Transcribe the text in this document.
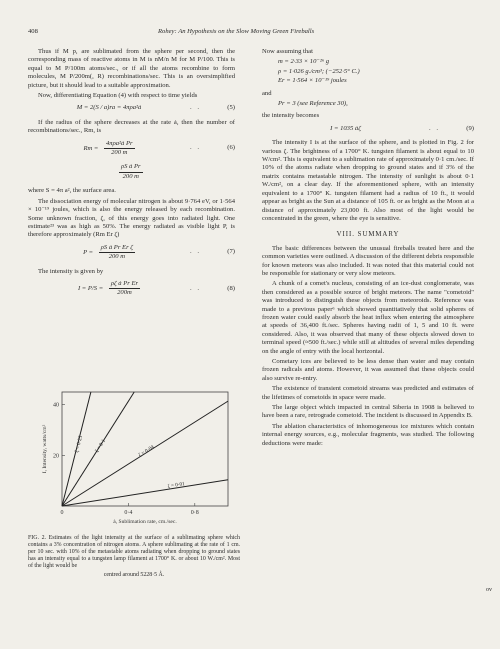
408	Rohey: An Hypothesis on the Slow Moving Green Fireballs

Thus if M p, are sublimated from the sphere per second, then the corresponding mass of reactive atoms in M is nM/n M for M P/100. This is equal to M P/100m atoms/sec., or if all the atoms recombine to form molecules, M P/200m(, R) recombinations/sec. This is an oversimplified picture, but it should lead to a suitable approximation.

Now, differentiating Equation (4) with respect to time yields

M = 2(S / a)ra = 4πρa²ȧ	. .	(5)

If the radius of the sphere decreases at the rate ȧ, then the number of recombinations/sec., Rm, is

$Rm = \frac{\text{4πρa²ȧ Pr}}{200 m}$	. .	(6)
$\frac{\text{ρS ȧ Pr}}{200 m}$

where S = 4π a², the surface area.

The dissociation energy of molecular nitrogen is about 9·764 eV, or 1·564 × 10⁻¹⁹ joules, which is also the energy released by each recombination. Some unknown fraction, ζ, of this energy goes into radiated light. One estimate²³ was as high as 50%. The energy radiated as visible light P, is therefore approximately (Rm Er ζ)

$P = \frac{\text{ρS ȧ Pr Er ζ}}{200 m}$	. .	(7)

The intensity is given by

$I = P/S = \frac{\text{ρζ ȧ Pr Er}}{200m}$	. .	(8)
0	0·4	0·8
20
40
ȧ, Sublimation rate, cm./sec.
I, Intensity, watts/cm²	ζ = 0·25 ζ = 0·1	ζ = 0·04
ζ = 0·01

FIG. 2. Estimates of the light intensity at the surface of a sublimating sphere which contains a 3% concentration of nitrogen atoms. A sphere sublimating at the rate of 1 cm. per 10 sec. with 10% of the metastable atoms radiating when dropping to ground states has an intensity equal to a tungsten lamp filament at 1700° K. or about 10 W./cm². Most of the light would be

centred around 5228·5 Å.

Now assuming that

m = 2·33 × 10⁻²⁶ g
ρ = 1·026 g./cm³; (−252·5° C.)
Er = 1·564 × 10⁻¹⁹ joules

and

Pr = 3 (see Reference 30),

the intensity becomes

I = 1035 ȧζ	. .	(9)

The intensity I is at the surface of the sphere, and is plotted in Fig. 2 for various ζ. The brightness of a 1700° K. tungsten filament is about equal to 10 W/cm². This is equivalent to a sublimation rate of approximately 0·1 cm./sec. If 10% of the atoms radiate when dropping to ground states and if 3% of the matrix contains metastable nitrogen. The intensity of sunlight is about 0·1 W./cm², on a clear day. If the aforementioned sphere, with an intensity equivalent to a 1700° K. tungsten filament had a radius of 10 ft., it would appear as bright as the Sun at a distance of 105 ft. or as bright as the Moon at a distance of approximately 23,000 ft. Also most of the light would be concentrated in the green, where the eye is sensitive.

VIII. SUMMARY

The basic differences between the unusual fireballs treated here and the common varieties were outlined. A discussion of the different debris responsible for known meteors was also included. It was noted that this material could not be responsible for stationary or very slow meteors.

A chunk of a comet's nucleus, consisting of an ice-dust conglomerate, was then considered as a possible source of bright meteors. The name "cometoid" was introduced to distinguish these objects from meteoroids. Reference was made to a previous paper⁶ which showed quantitatively that solid spheres of frozen water could easily absorb the heat influx when entering the atmosphere at speeds of 36,400 ft./sec. Spheres having radii of 1, 5 and 10 ft. were considered. Also, it was observed that many of these objects slowed down to terminal speed (≈500 ft./sec.) while still at altitudes of several miles depending on the angle of entry with the local horizontal.

Cometary ices are believed to be less dense than water and may contain frozen radicals and atoms. However, it was assumed that these objects could also survive re-entry.

The existence of transient cometoid streams was predicted and estimates of the lifetimes of cometoids in space were made.

The large object which impacted in central Siberia in 1908 is believed to have been a rare, retrograde cometoid. The incident is discussed in Appendix B.

The ablation characteristics of inhomogeneous ice mixtures which contain internal energy sources, e.g., molecular fragments, was studied. The following deductions were made:

ov
